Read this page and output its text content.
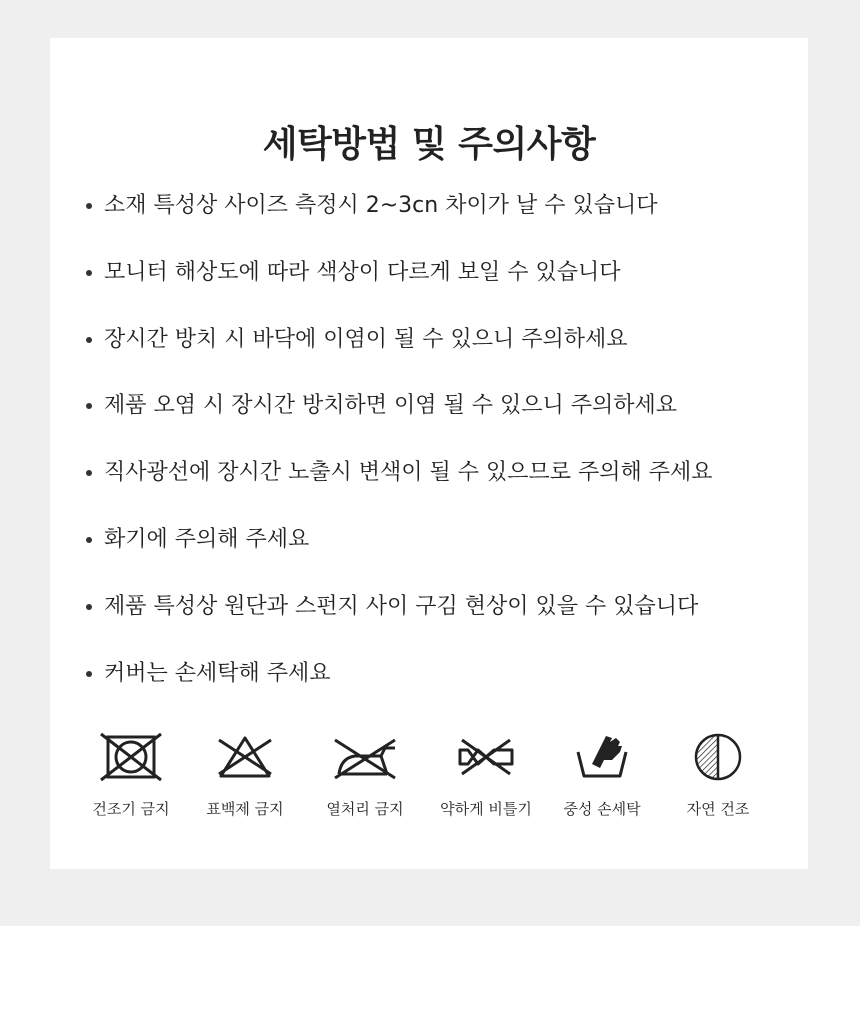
세탁방법 및 주의사항
소재 특성상 사이즈 측정시 2~3cn 차이가 날 수 있습니다
모니터 해상도에 따라 색상이 다르게 보일 수 있습니다
장시간 방치 시 바닥에 이염이 될 수 있으니 주의하세요
제품 오염 시 장시간 방치하면 이염 될 수 있으니 주의하세요
직사광선에 장시간 노출시 변색이 될 수 있으므로 주의해 주세요
화기에 주의해 주세요
제품 특성상 원단과 스펀지 사이 구김 현상이 있을 수 있습니다
커버는 손세탁해 주세요
건조기 금지	표백제 금지	열처리 금지	약하게 비틀기	중성 손세탁	자연 건조
